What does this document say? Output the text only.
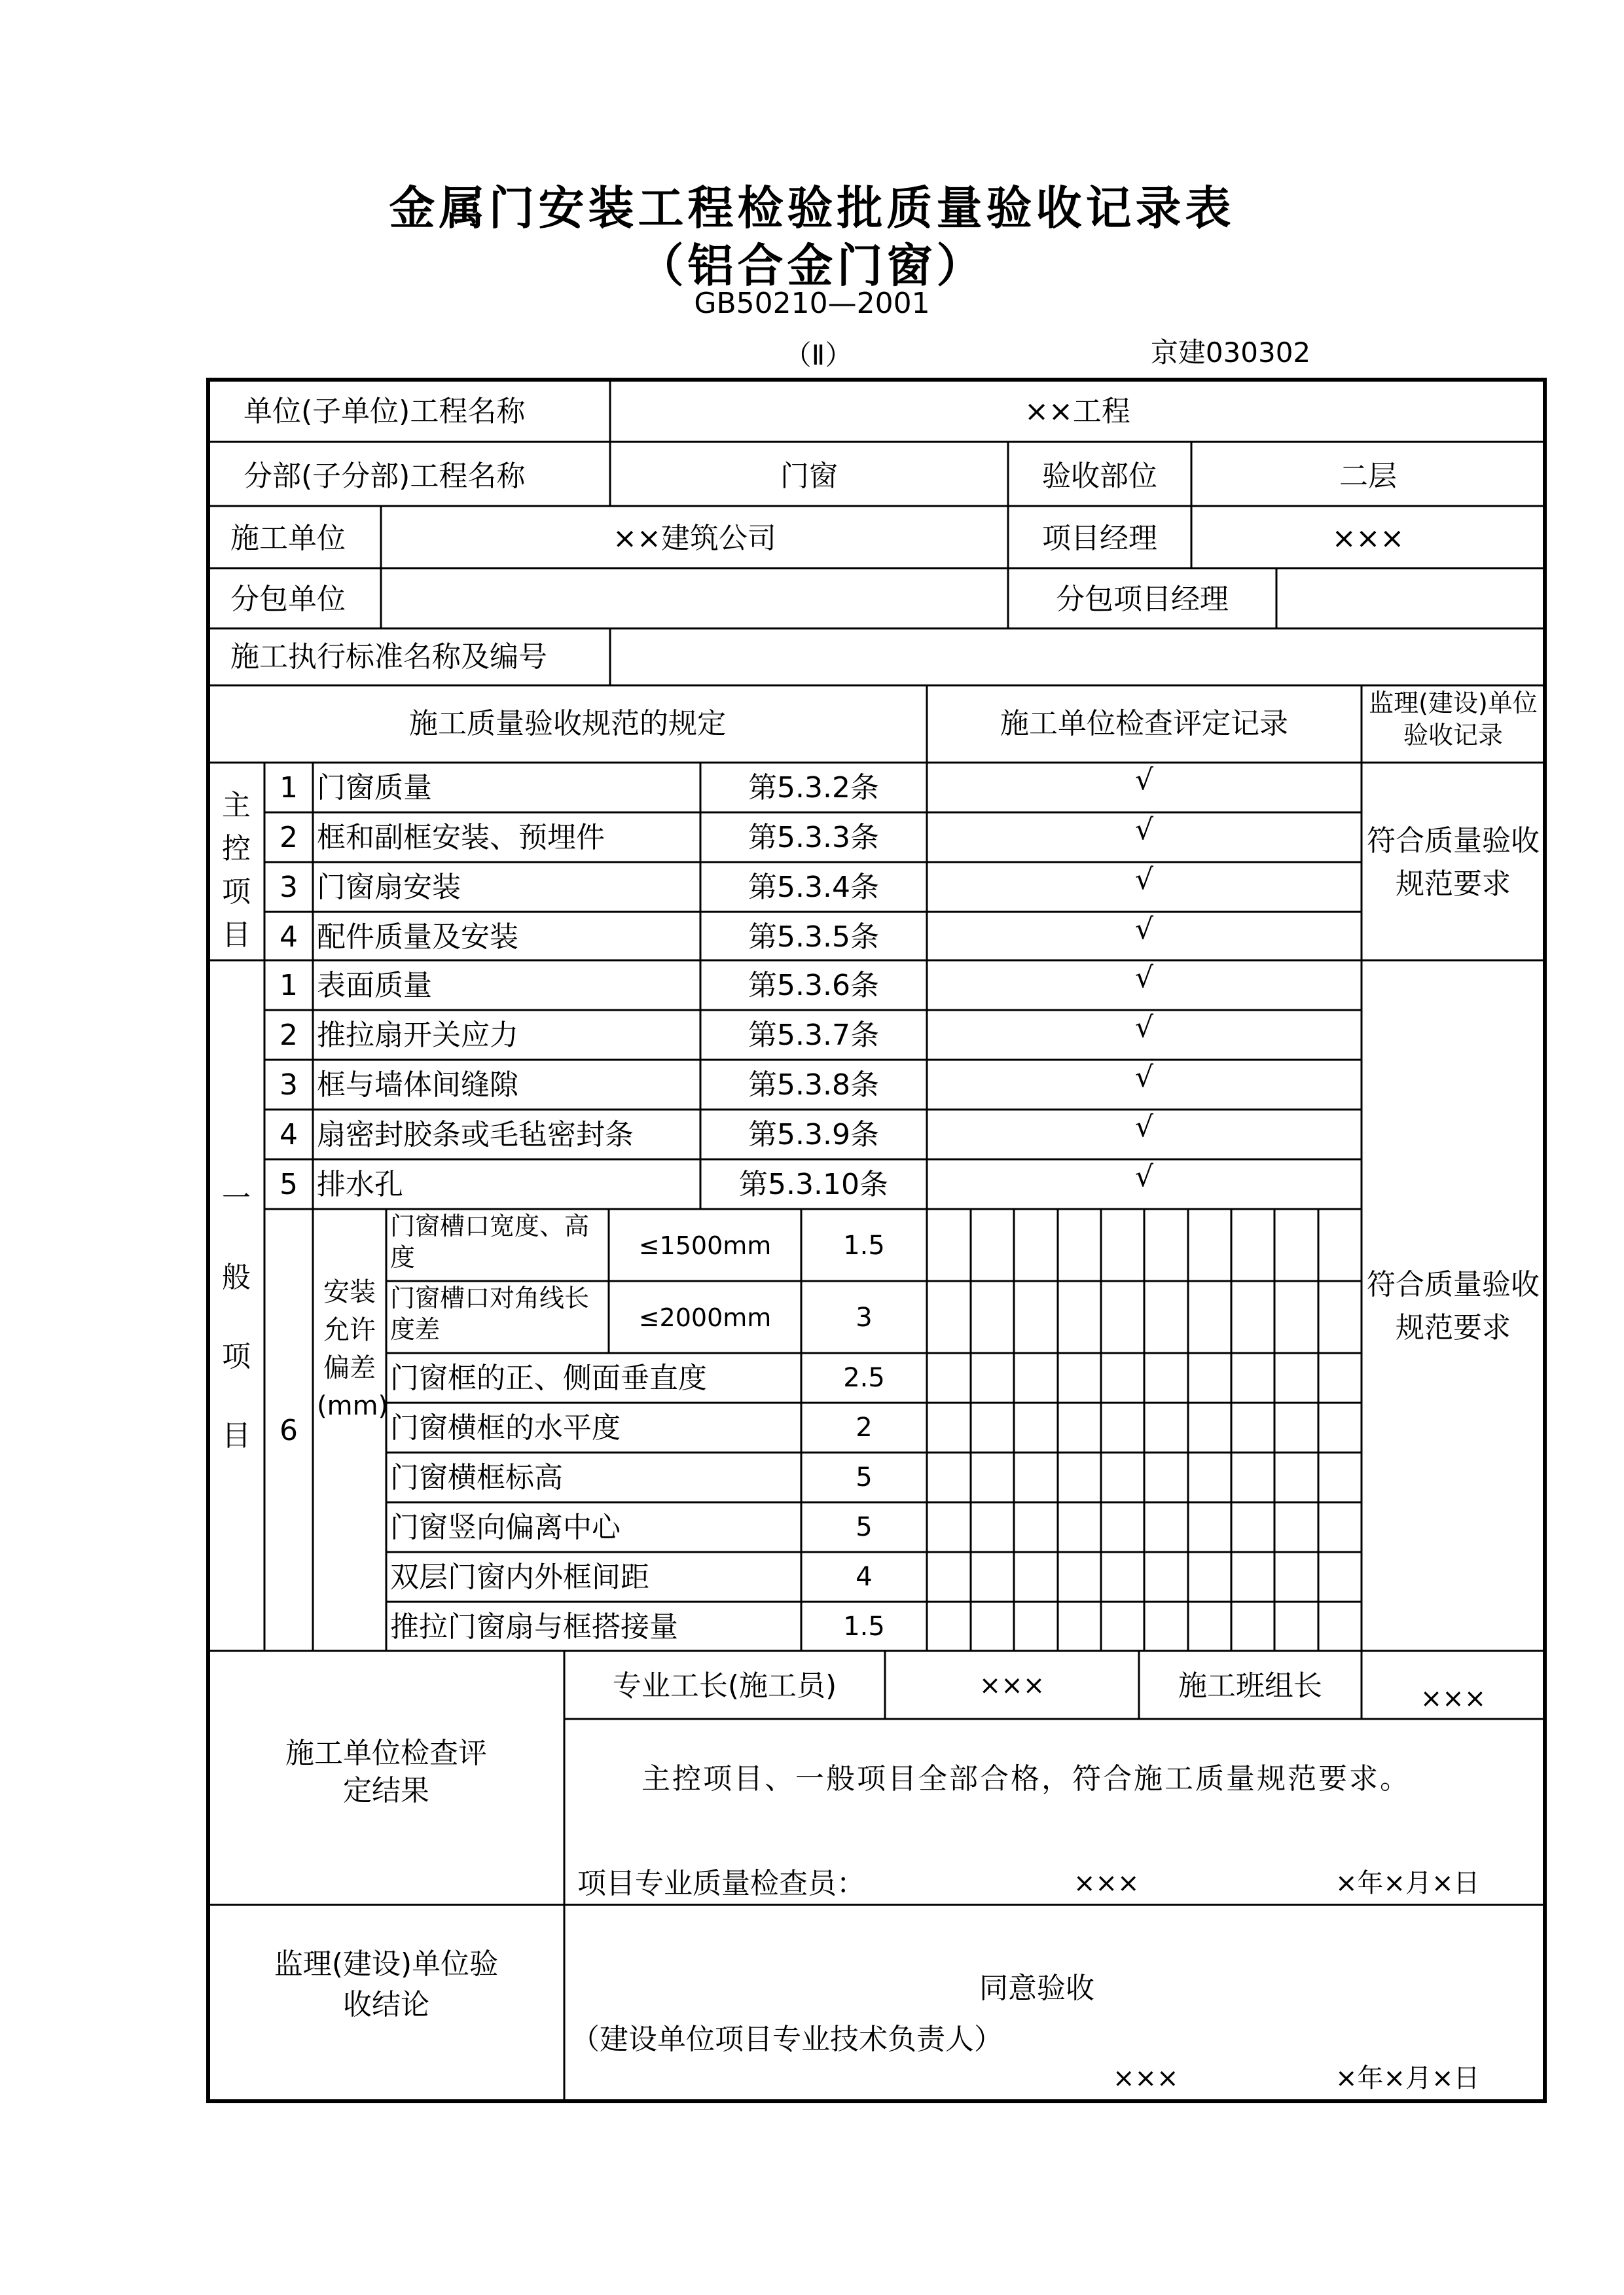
金属门安装工程检验批质量验收记录表
（铝合金门窗）
GB50210—2001
（Ⅱ）	京建030302
单位(子单位)工程名称	××工程
分部(子分部)工程名称	门窗	验收部位	二层
施工单位	××建筑公司	项目经理	×××
分包单位	分包项目经理
施工执行标准名称及编号
施工质量验收规范的规定	施工单位检查评定记录
监理(建设)单位验收记录
主控项目
1 门窗质量	第5.3.2条	√
2 框和副框安装、预埋件	第5.3.3条	√
3 门窗扇安装	第5.3.4条	√
4 配件质量及安装	第5.3.5条	√
符合质量验收规范要求
一般项目
1 表面质量	第5.3.6条	√
2 推拉扇开关应力	第5.3.7条	√
3 框与墙体间缝隙	第5.3.8条	√
4 扇密封胶条或毛毡密封条	第5.3.9条	√
5 排水孔	第5.3.10条	√
6
安装允许偏差(mm)
门窗槽口宽度、高度	≤1500mm	1.5
门窗槽口对角线长度差	≤2000mm	3
门窗框的正、侧面垂直度	2.5
门窗横框的水平度	2
门窗横框标高	5
门窗竖向偏离中心	5
双层门窗内外框间距	4
推拉门窗扇与框搭接量	1.5
符合质量验收规范要求
施工单位检查评定结果
专业工长(施工员)	×××	施工班组长	×××
主控项目、一般项目全部合格，符合施工质量规范要求。
项目专业质量检查员：	×××	×年×月×日
监理(建设)单位验收结论	同意验收
（建设单位项目专业技术负责人）
×××	×年×月×日
